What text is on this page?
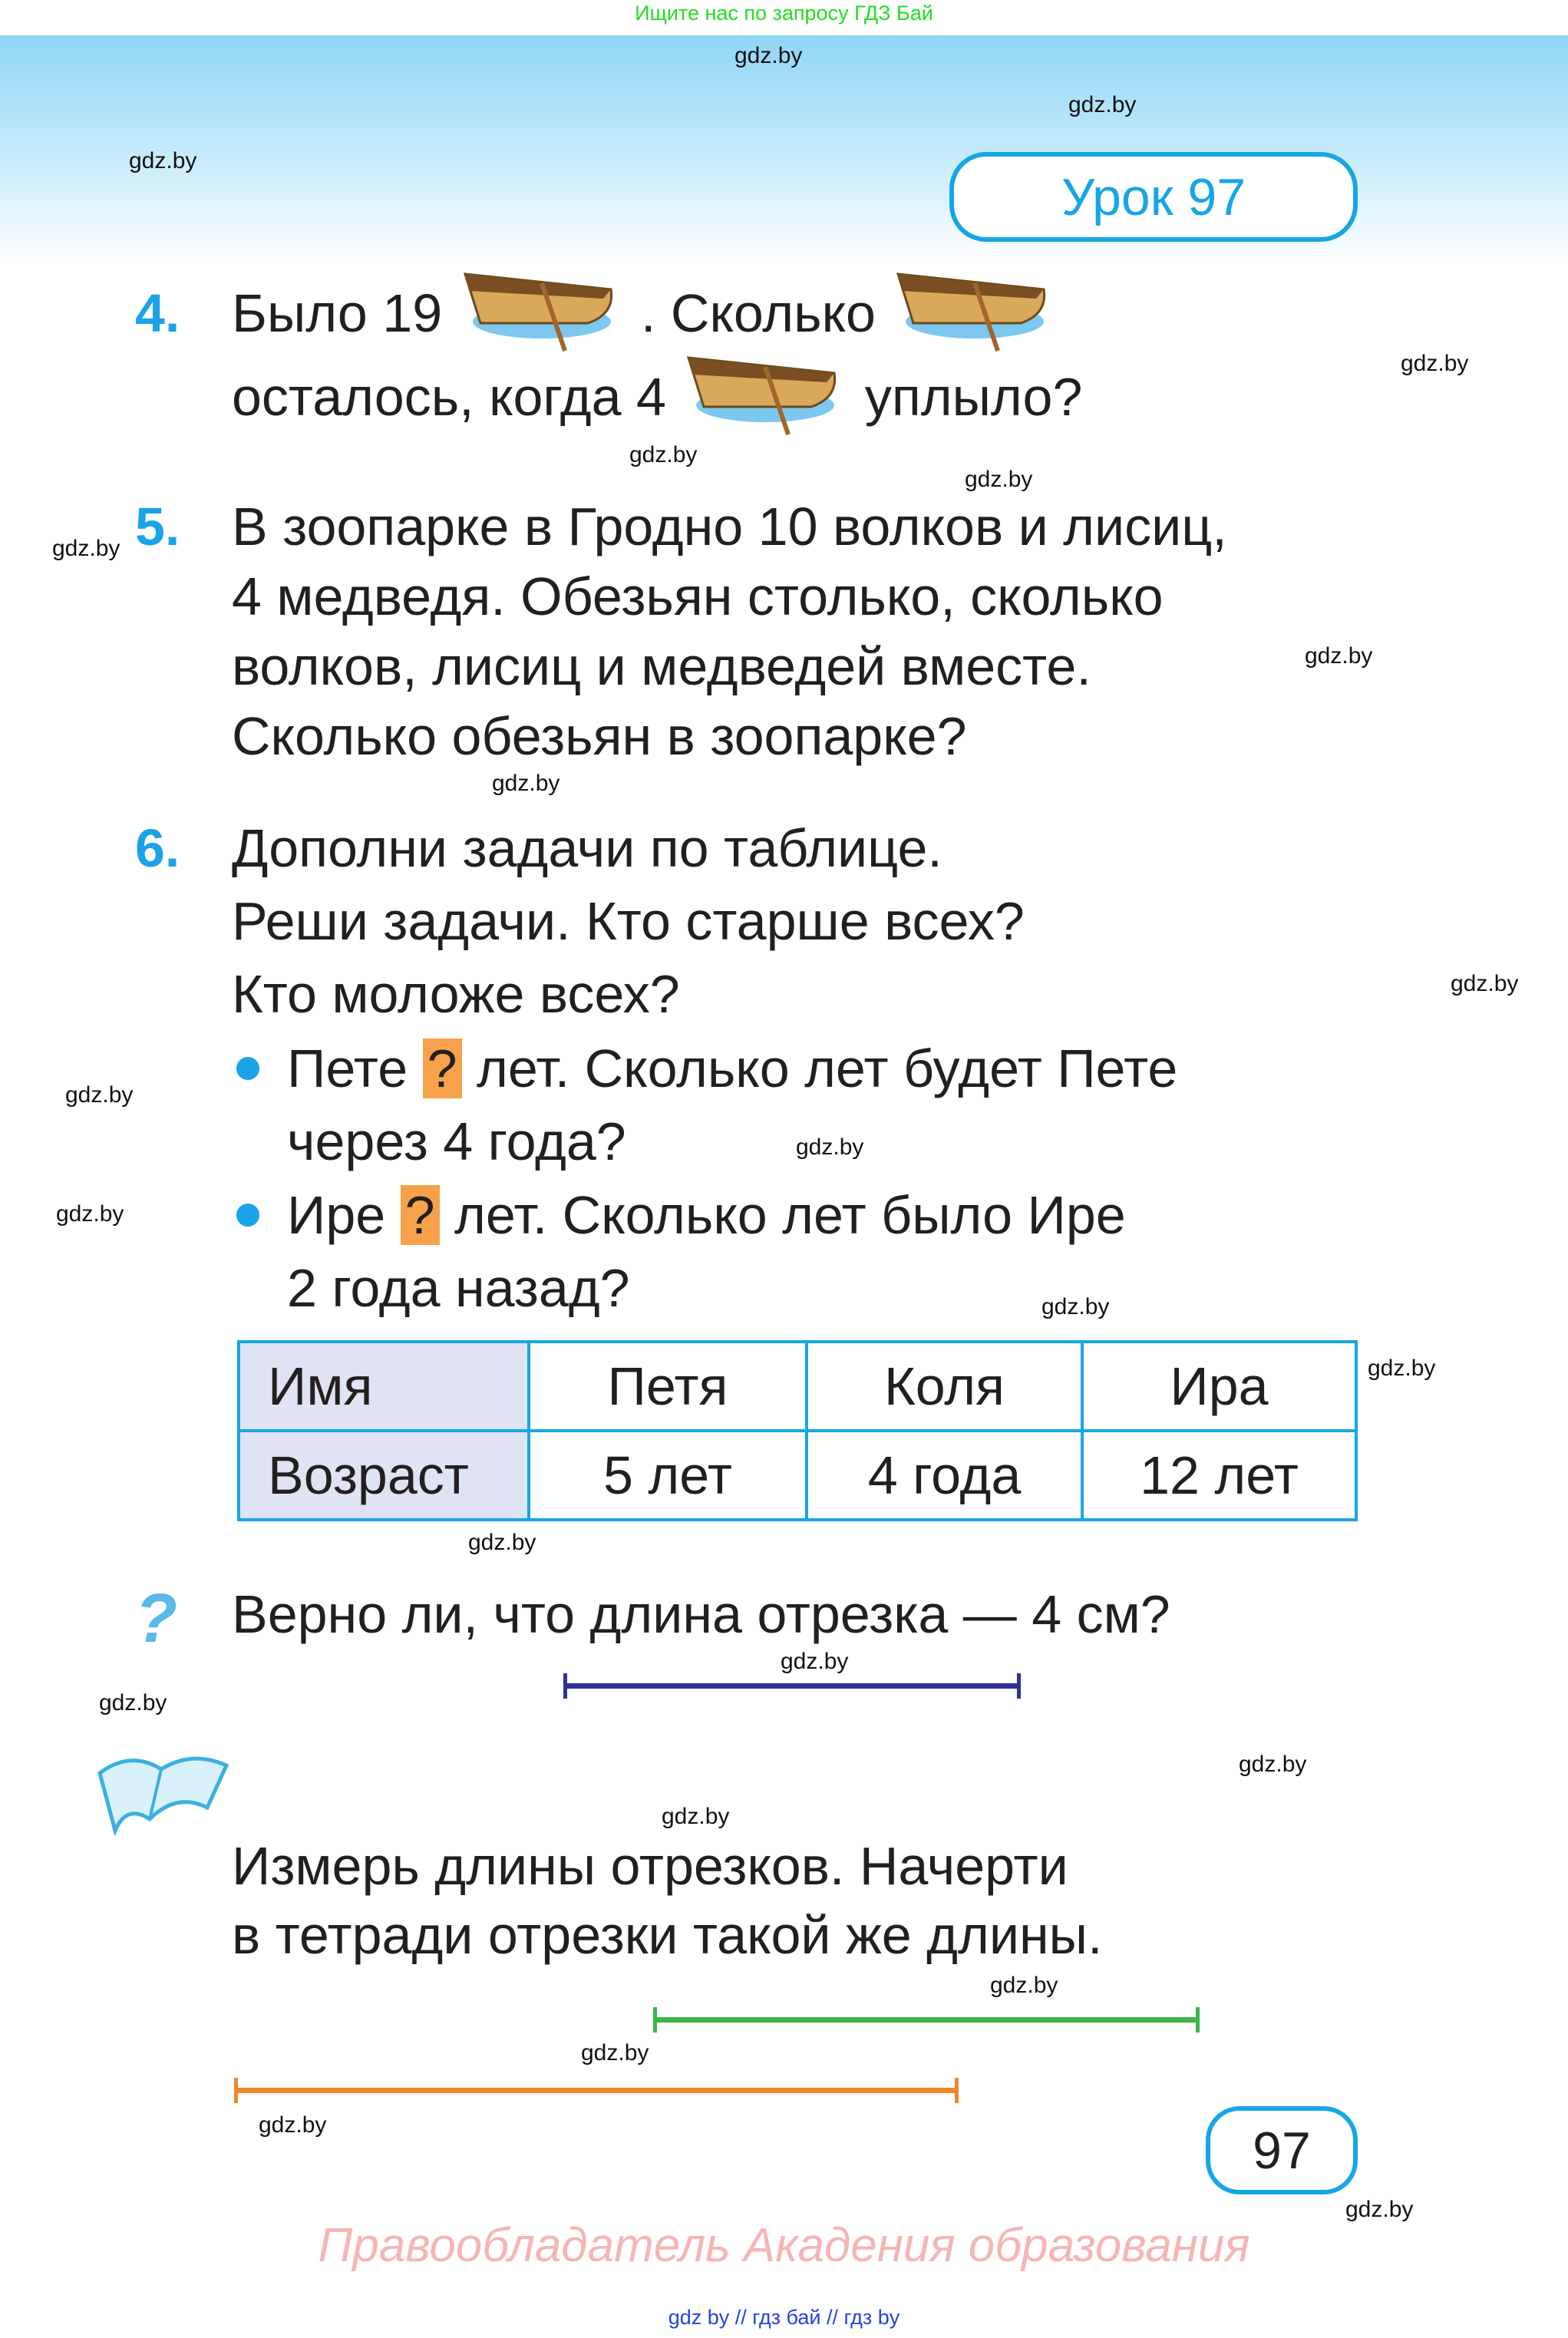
Ищите нас по запросу ГДЗ Бай
gdz.by
gdz.by
gdz.by
gdz.by
gdz.by
gdz.by
gdz.by
gdz.by
gdz.by
gdz.by
gdz.by
gdz.by
gdz.by
gdz.by
gdz.by
gdz.by
gdz.by
gdz.by
gdz.by
gdz.by
gdz.by
gdz.by
gdz.by
gdz.by
Урок 97
4. Было 19	. Сколько
осталось, когда 4	уплыло?
5. В зоопарке в Гродно 10 волков и лисиц,
4 медведя. Обезьян столько, сколько
волков, лисиц и медведей вместе.
Сколько обезьян в зоопарке?
6. Дополни задачи по таблице.
Реши задачи. Кто старше всех?
Кто моложе всех?
Пете ? лет. Сколько лет будет Пете
через 4 года?
Ире ? лет. Сколько лет было Ире
2 года назад?
Имя	Петя	Коля	Ира
Возраст	5 лет	4 года	12 лет
? Верно ли, что длина отрезка — 4 см?
Измерь длины отрезков. Начерти
в тетради отрезки такой же длины.
97
Правообладатель Акадения образования
gdz by // гдз бай // гдз by
